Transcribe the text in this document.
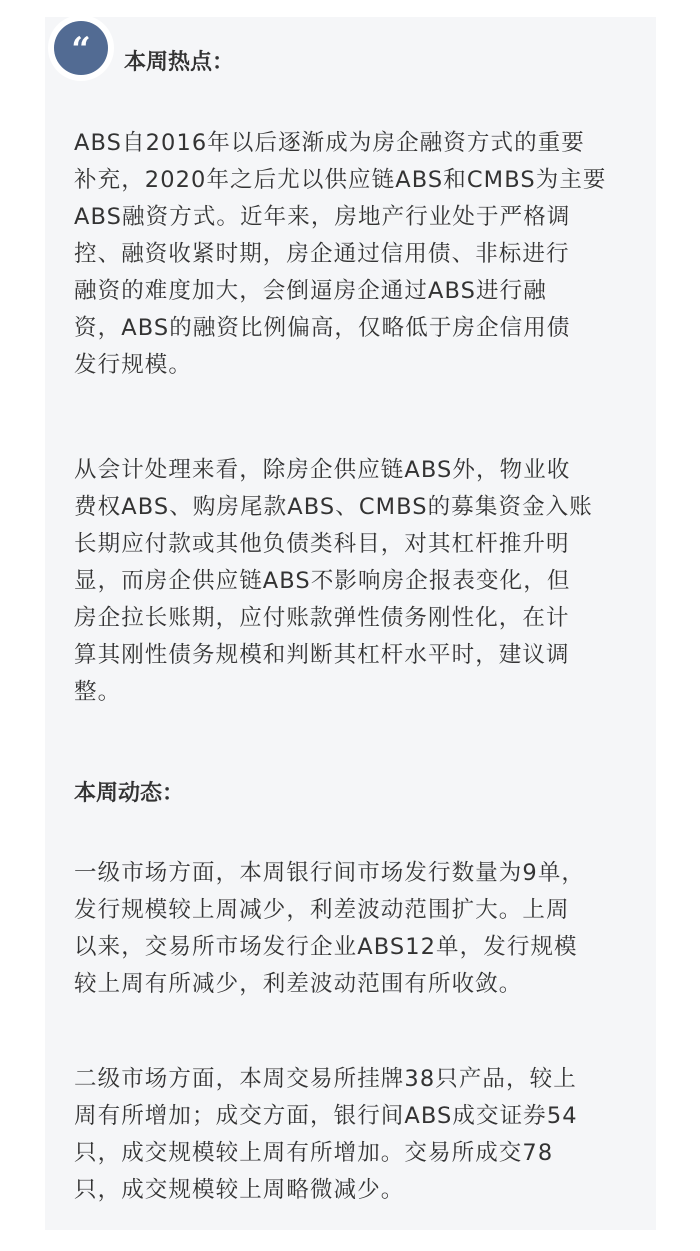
“	本周热点：

ABS自2016年以后逐渐成为房企融资方式的重要
补充，2020年之后尤以供应链ABS和CMBS为主要
ABS融资方式。近年来，房地产行业处于严格调
控、融资收紧时期，房企通过信用债、非标进行
融资的难度加大，会倒逼房企通过ABS进行融
资，ABS的融资比例偏高，仅略低于房企信用债
发行规模。

从会计处理来看，除房企供应链ABS外，物业收
费权ABS、购房尾款ABS、CMBS的募集资金入账
长期应付款或其他负债类科目，对其杠杆推升明
显，而房企供应链ABS不影响房企报表变化，但
房企拉长账期，应付账款弹性债务刚性化，在计
算其刚性债务规模和判断其杠杆水平时，建议调
整。

本周动态：

一级市场方面，本周银行间市场发行数量为9单，
发行规模较上周减少，利差波动范围扩大。上周
以来，交易所市场发行企业ABS12单，发行规模
较上周有所减少，利差波动范围有所收敛。

二级市场方面，本周交易所挂牌38只产品，较上
周有所增加；成交方面，银行间ABS成交证券54
只，成交规模较上周有所增加。交易所成交78
只，成交规模较上周略微减少。
